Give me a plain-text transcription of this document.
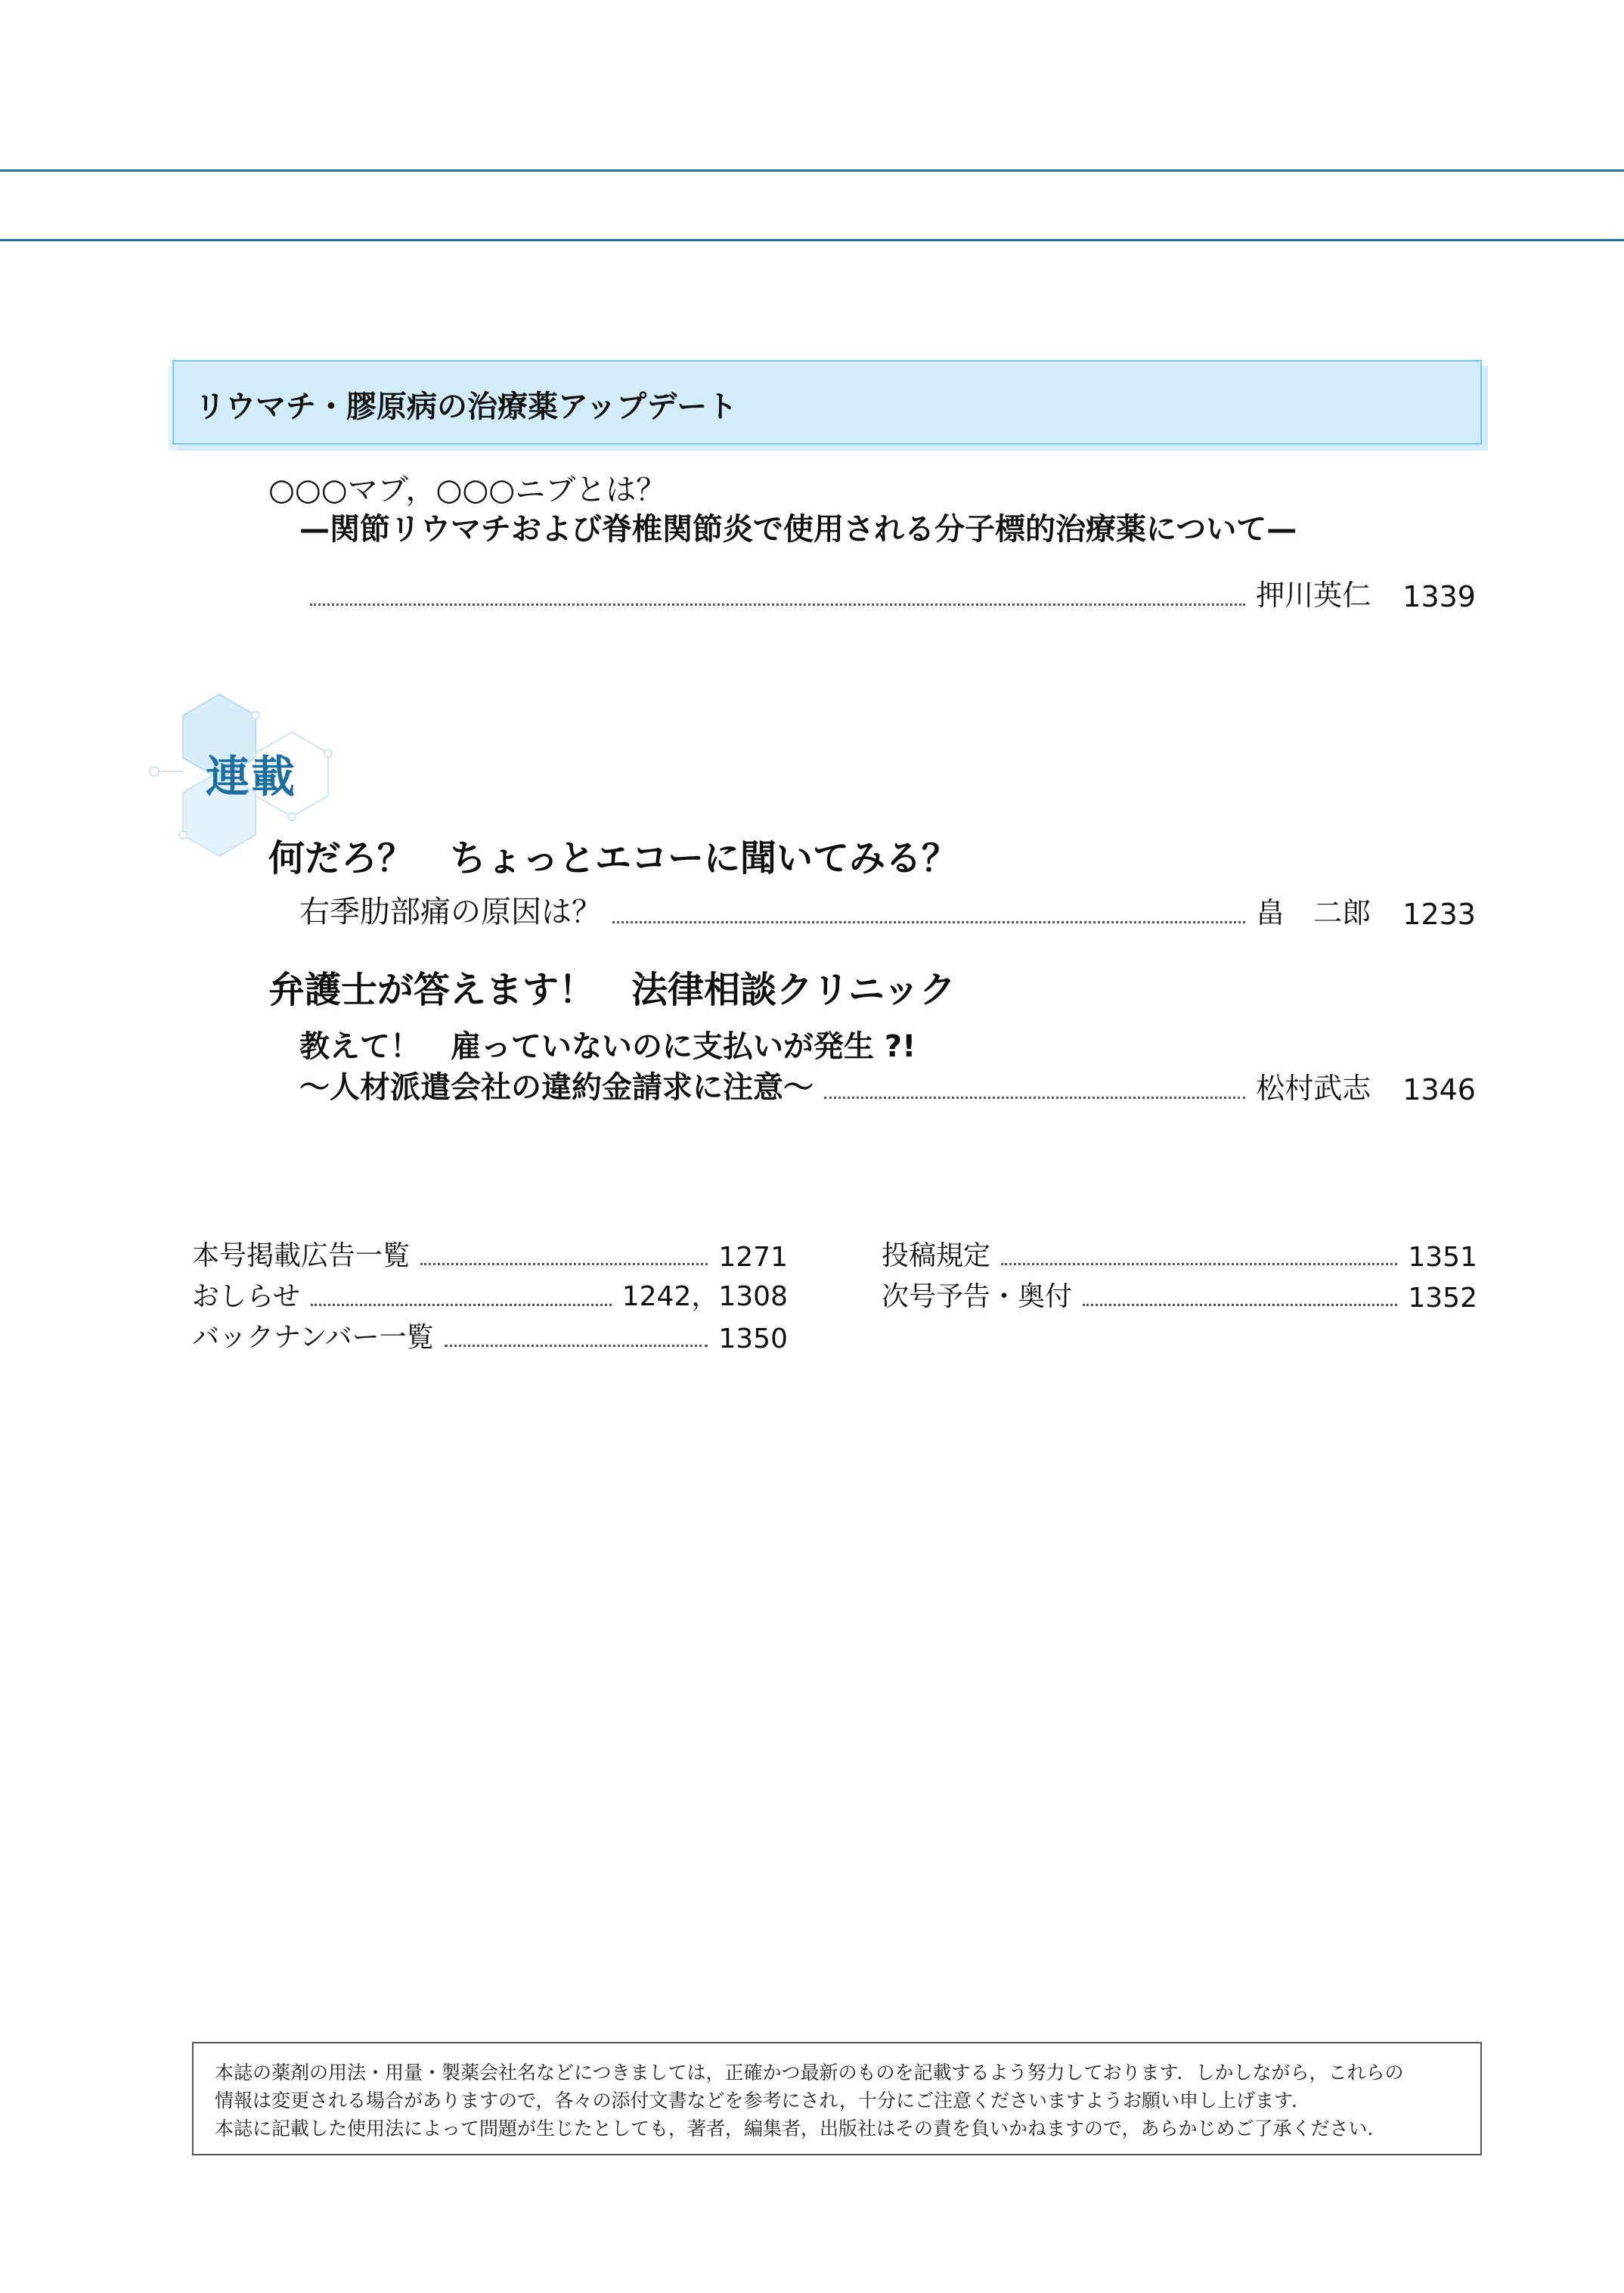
リウマチ・膠原病の治療薬アップデート
○○○マブ，○○○ニブとは？
—関節リウマチおよび脊椎関節炎で使用される分子標的治療薬について—
押川英仁 1339
連載
何だろ？　ちょっとエコーに聞いてみる？
右季肋部痛の原因は？	畠　二郎 1233
弁護士が答えます！　法律相談クリニック
教えて！　雇っていないのに支払いが発生 ?!
～人材派遣会社の違約金請求に注意～	松村武志 1346
本号掲載広告一覧	1271
おしらせ	1242，1308
バックナンバー一覧	1350
投稿規定	1351
次号予告・奥付	1352
本誌の薬剤の用法・用量・製薬会社名などにつきましては，正確かつ最新のものを記載するよう努力しております．しかしながら，これらの
情報は変更される場合がありますので，各々の添付文書などを参考にされ，十分にご注意くださいますようお願い申し上げます．
本誌に記載した使用法によって問題が生じたとしても，著者，編集者，出版社はその責を負いかねますので，あらかじめご了承ください．
